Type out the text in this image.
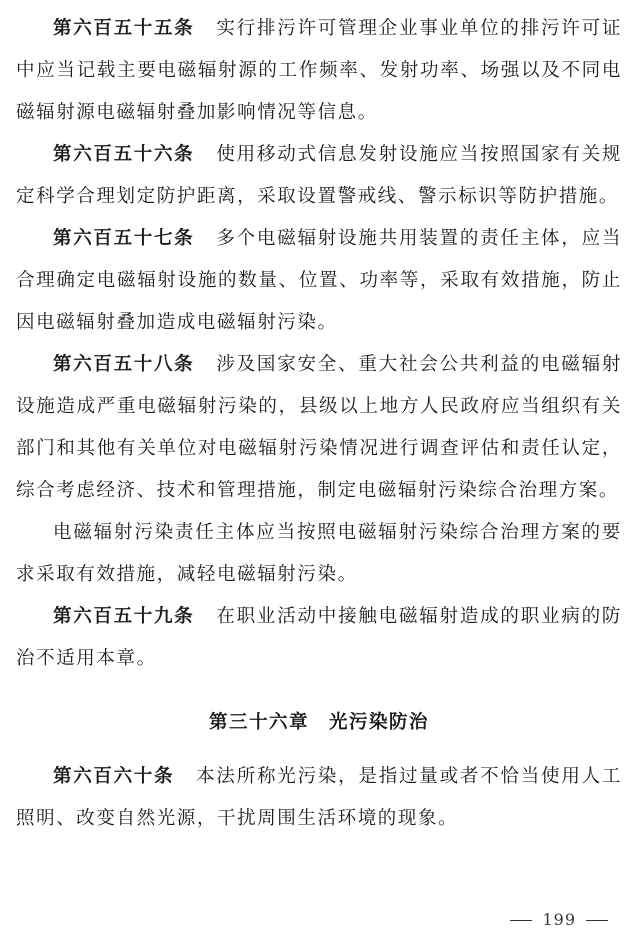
第六百五十五条 实行排污许可管理企业事业单位的排污许可证中应当记载主要电磁辐射源的工作频率、发射功率、场强以及不同电磁辐射源电磁辐射叠加影响情况等信息。

第六百五十六条 使用移动式信息发射设施应当按照国家有关规定科学合理划定防护距离，采取设置警戒线、警示标识等防护措施。

第六百五十七条 多个电磁辐射设施共用装置的责任主体，应当合理确定电磁辐射设施的数量、位置、功率等，采取有效措施，防止因电磁辐射叠加造成电磁辐射污染。

第六百五十八条 涉及国家安全、重大社会公共利益的电磁辐射设施造成严重电磁辐射污染的，县级以上地方人民政府应当组织有关部门和其他有关单位对电磁辐射污染情况进行调查评估和责任认定，综合考虑经济、技术和管理措施，制定电磁辐射污染综合治理方案。

电磁辐射污染责任主体应当按照电磁辐射污染综合治理方案的要求采取有效措施，减轻电磁辐射污染。

第六百五十九条 在职业活动中接触电磁辐射造成的职业病的防治不适用本章。

第三十六章 光污染防治

第六百六十条 本法所称光污染，是指过量或者不恰当使用人工照明、改变自然光源，干扰周围生活环境的现象。

199
